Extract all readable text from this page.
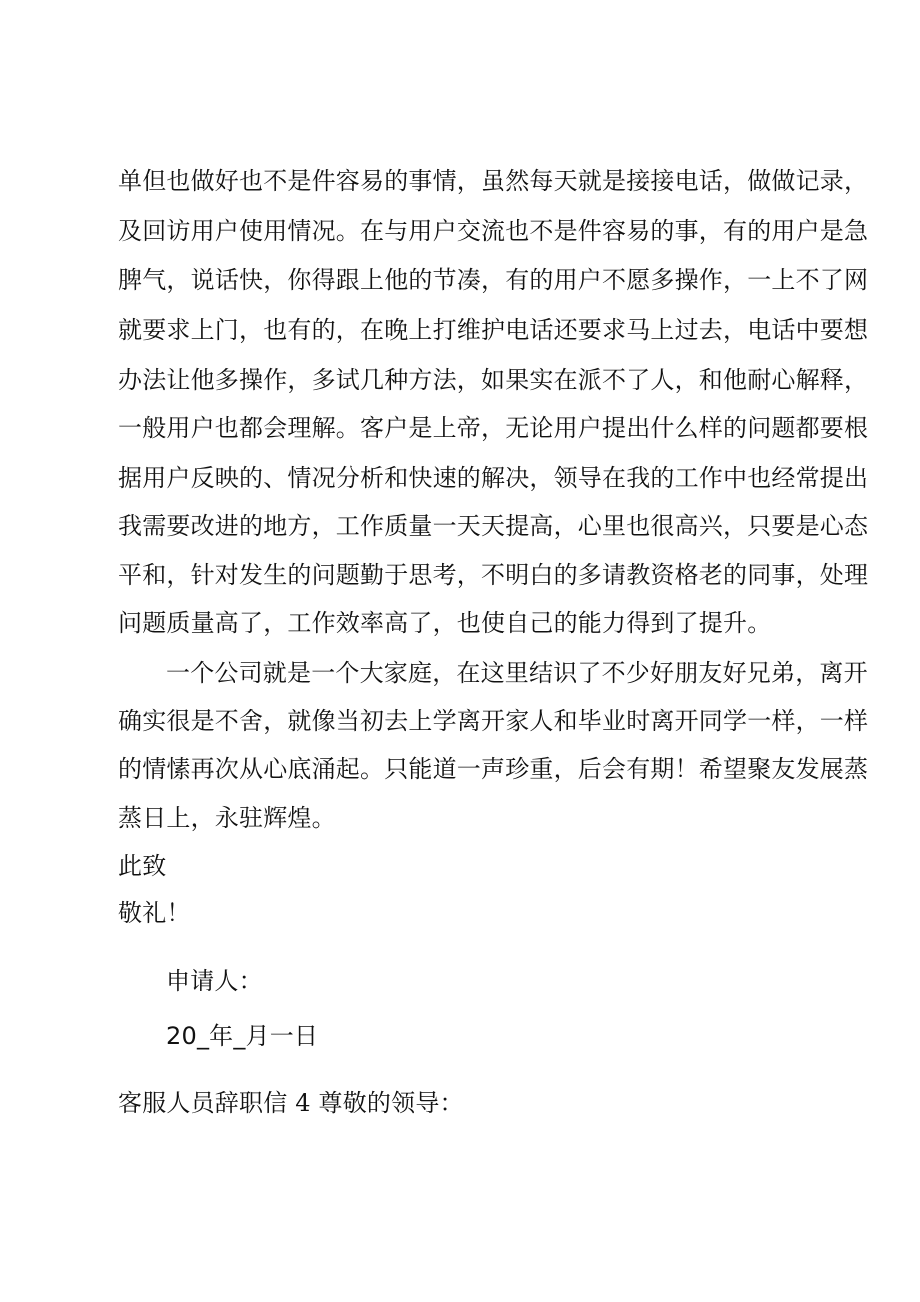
单但也做好也不是件容易的事情，虽然每天就是接接电话，做做记录，
及回访用户使用情况。在与用户交流也不是件容易的事，有的用户是急
脾气，说话快，你得跟上他的节凑，有的用户不愿多操作，一上不了网
就要求上门，也有的，在晚上打维护电话还要求马上过去，电话中要想
办法让他多操作，多试几种方法，如果实在派不了人，和他耐心解释，
一般用户也都会理解。客户是上帝，无论用户提出什么样的问题都要根
据用户反映的、情况分析和快速的解决，领导在我的工作中也经常提出
我需要改进的地方，工作质量一天天提高，心里也很高兴，只要是心态
平和，针对发生的问题勤于思考，不明白的多请教资格老的同事，处理
问题质量高了，工作效率高了，也使自己的能力得到了提升。
一个公司就是一个大家庭，在这里结识了不少好朋友好兄弟，离开
确实很是不舍，就像当初去上学离开家人和毕业时离开同学一样，一样
的情愫再次从心底涌起。只能道一声珍重，后会有期！希望聚友发展蒸
蒸日上，永驻辉煌。
此致
敬礼！
申请人：
20_年_月一日
客服人员辞职信 4 尊敬的领导：
